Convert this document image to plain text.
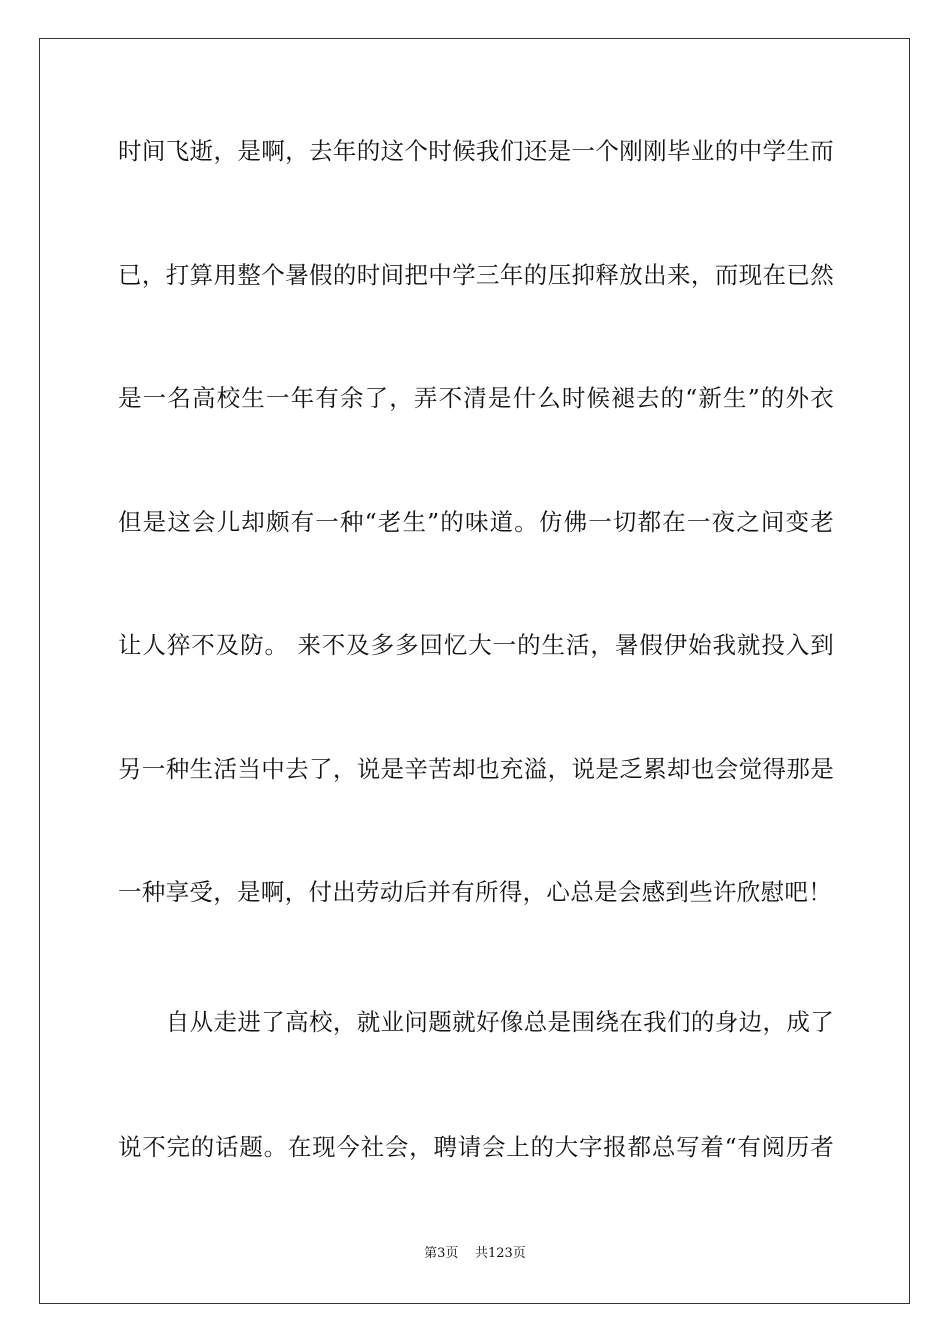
时间飞逝，是啊，去年的这个时候我们还是一个刚刚毕业的中学生而
已，打算用整个暑假的时间把中学三年的压抑释放出来，而现在已然
是一名高校生一年有余了，弄不清是什么时候褪去的“新生”的外衣
但是这会儿却颇有一种“老生”的味道。仿佛一切都在一夜之间变老
让人猝不及防。 来不及多多回忆大一的生活，暑假伊始我就投入到
另一种生活当中去了，说是辛苦却也充溢，说是乏累却也会觉得那是
一种享受，是啊，付出劳动后并有所得，心总是会感到些许欣慰吧！
　　自从走进了高校，就业问题就好像总是围绕在我们的身边，成了
说不完的话题。在现今社会，聘请会上的大字报都总写着“有阅历者
第3页 共123页
